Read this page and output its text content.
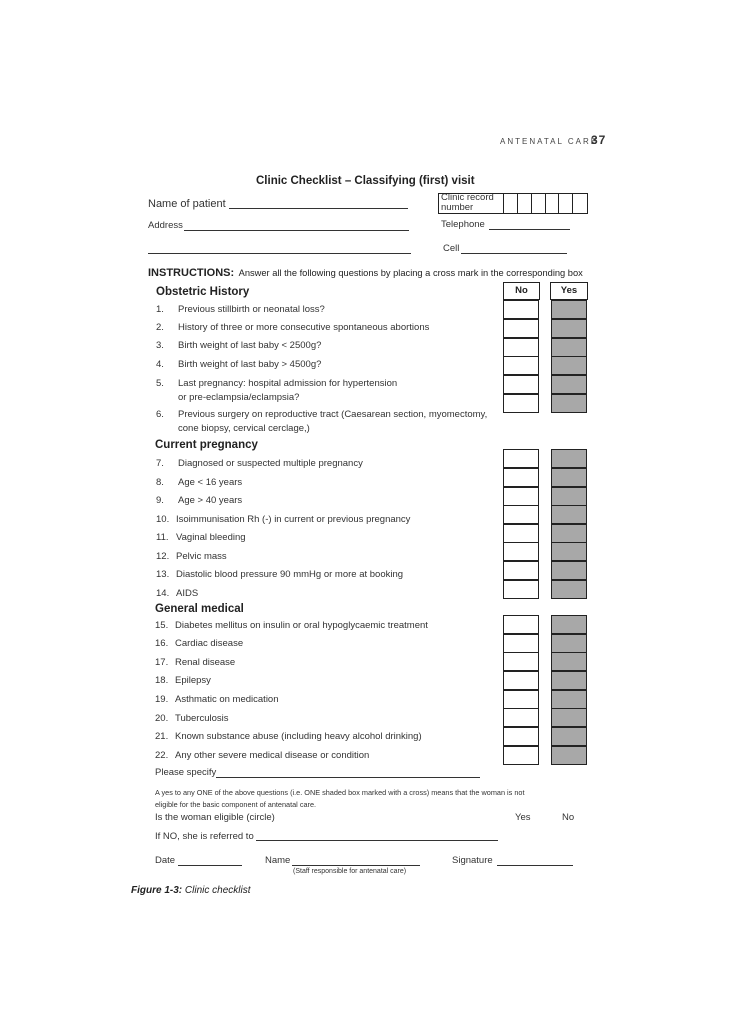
ANTENATAL CARE
37
Clinic Checklist – Classifying (first) visit
Name of patient
Clinic record
number
Address	Telephone
Cell
INSTRUCTIONS: Answer all the following questions by placing a cross mark in the corresponding box
No	Yes
Obstetric History
1. Previous stillbirth or neonatal loss?
2. History of three or more consecutive spontaneous abortions
3. Birth weight of last baby < 2500g?
4. Birth weight of last baby > 4500g?
5. Last pregnancy: hospital admission for hypertension
or pre-eclampsia/eclampsia?
6. Previous surgery on reproductive tract (Caesarean section, myomectomy,
cone biopsy, cervical cerclage,)
Current pregnancy
7. Diagnosed or suspected multiple pregnancy
8. Age < 16 years
9. Age > 40 years
10. Isoimmunisation Rh (-) in current or previous pregnancy
11. Vaginal bleeding
12. Pelvic mass
13. Diastolic blood pressure 90 mmHg or more at booking
14. AIDS
General medical
15. Diabetes mellitus on insulin or oral hypoglycaemic treatment
16. Cardiac disease
17. Renal disease
18. Epilepsy
19. Asthmatic on medication
20. Tuberculosis
21. Known substance abuse (including heavy alcohol drinking)
22. Any other severe medical disease or condition
Please specify
A yes to any ONE of the above questions (i.e. ONE shaded box marked with a cross) means that the woman is not
eligible for the basic component of antenatal care.
Is the woman eligible (circle)	Yes	No
If NO, she is referred to
Date	Name
(Staff responsible for antenatal care)
Signature
Figure 1-3: Clinic checklist
